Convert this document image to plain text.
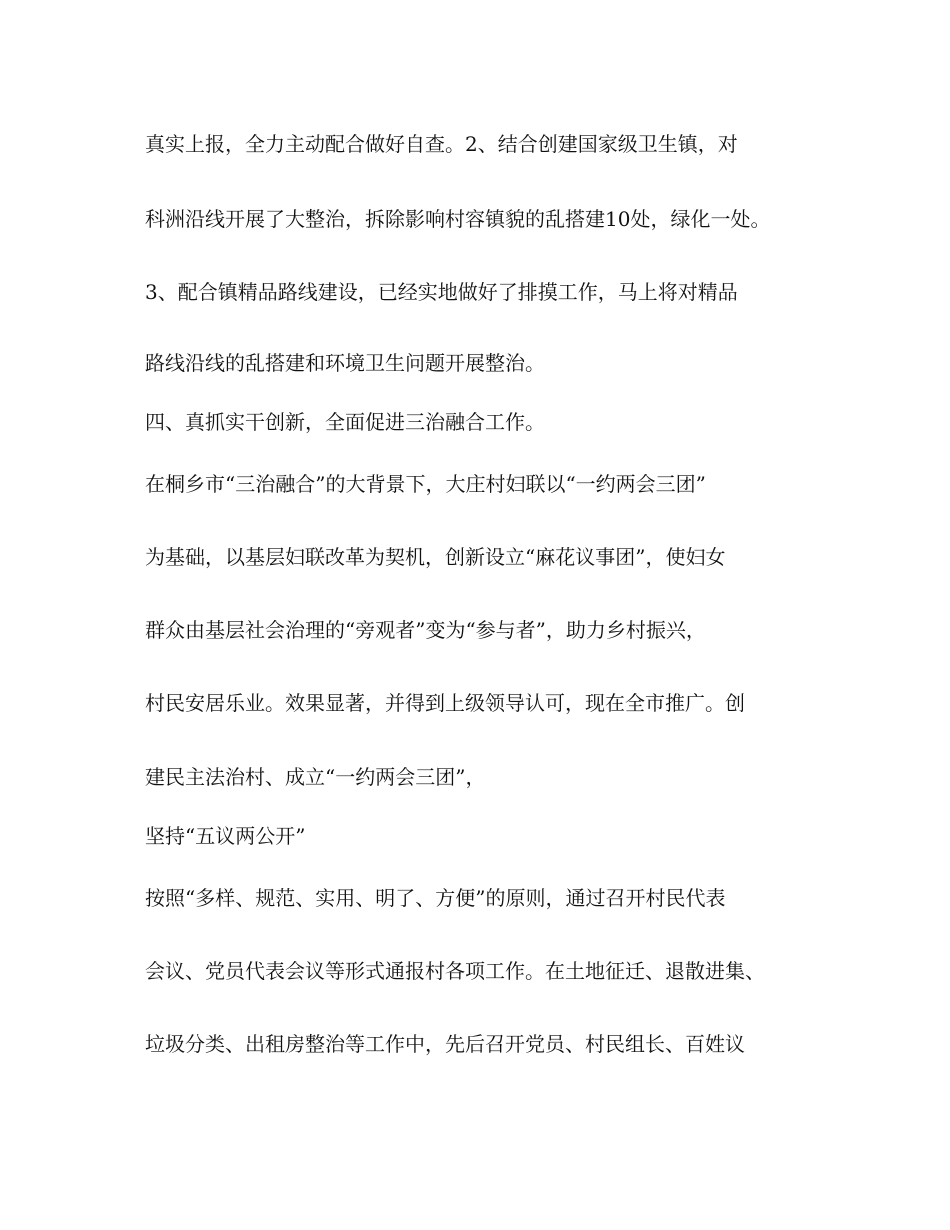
真实上报，全力主动配合做好自查。2、结合创建国家级卫生镇，对
科洲沿线开展了大整治，拆除影响村容镇貌的乱搭建10处，绿化一处。
3、配合镇精品路线建设，已经实地做好了排摸工作，马上将对精品
路线沿线的乱搭建和环境卫生问题开展整治。
四、真抓实干创新，全面促进三治融合工作。
在桐乡市“三治融合”的大背景下，大庄村妇联以“一约两会三团”
为基础，以基层妇联改革为契机，创新设立“麻花议事团”，使妇女
群众由基层社会治理的“旁观者”变为“参与者”，助力乡村振兴，
村民安居乐业。效果显著，并得到上级领导认可，现在全市推广。创
建民主法治村、成立“一约两会三团”，
坚持“五议两公开”
按照“多样、规范、实用、明了、方便”的原则，通过召开村民代表
会议、党员代表会议等形式通报村各项工作。在土地征迁、退散进集、
垃圾分类、出租房整治等工作中，先后召开党员、村民组长、百姓议
